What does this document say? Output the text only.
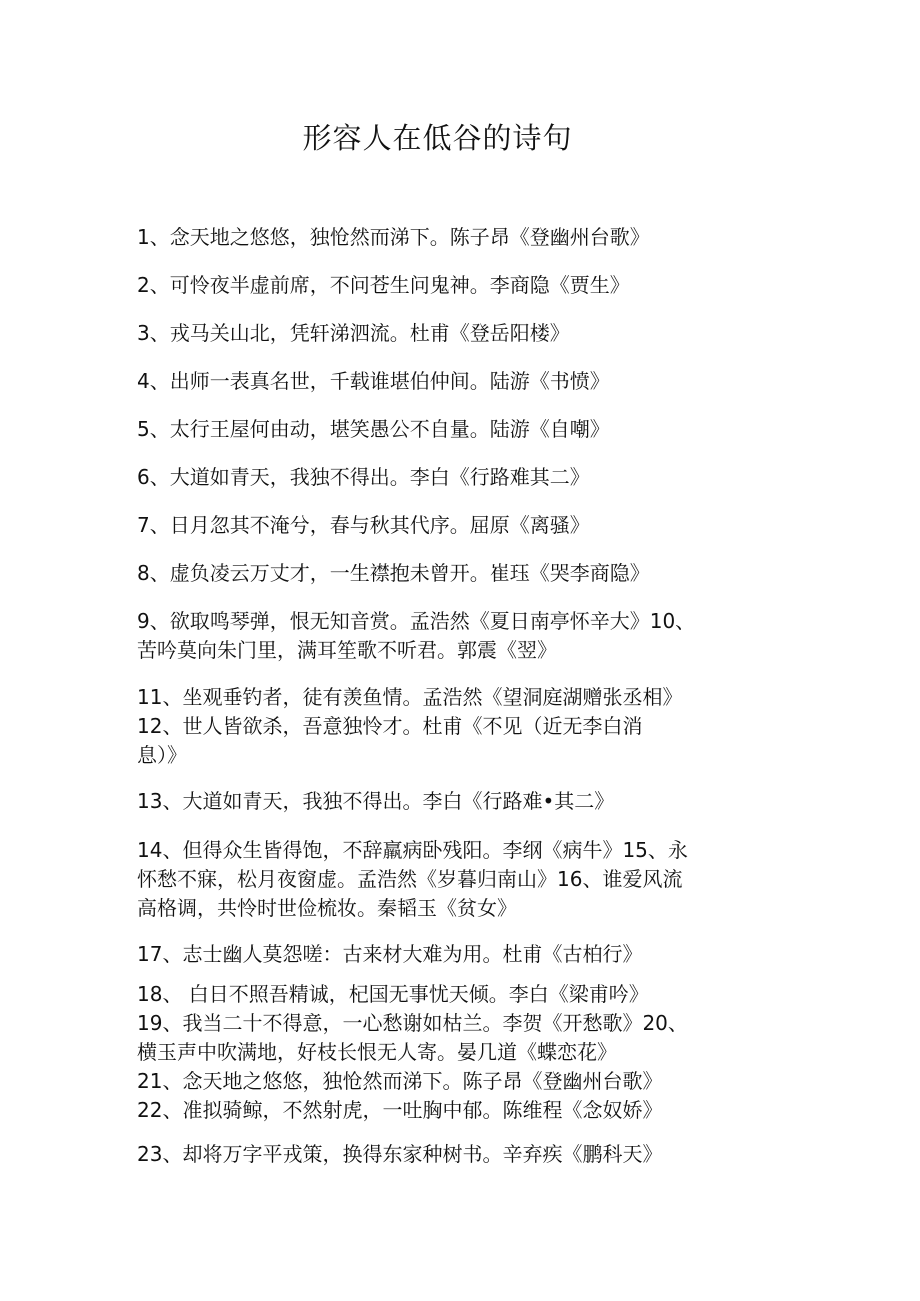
形容人在低谷的诗句
1、念天地之悠悠，独怆然而涕下。陈子昂《登幽州台歌》
2、可怜夜半虚前席，不问苍生问鬼神。李商隐《贾生》
3、戎马关山北，凭轩涕泗流。杜甫《登岳阳楼》
4、出师一表真名世，千载谁堪伯仲间。陆游《书愤》
5、太行王屋何由动，堪笑愚公不自量。陆游《自嘲》
6、大道如青天，我独不得出。李白《行路难其二》
7、日月忽其不淹兮，春与秋其代序。屈原《离骚》
8、虚负凌云万丈才，一生襟抱未曾开。崔珏《哭李商隐》
9、欲取鸣琴弹，恨无知音赏。孟浩然《夏日南亭怀辛大》10、
苦吟莫向朱门里，满耳笙歌不听君。郭震《翌》
11、坐观垂钓者，徒有羡鱼情。孟浩然《望洞庭湖赠张丞相》
12、世人皆欲杀，吾意独怜才。杜甫《不见（近无李白消
息）》
13、大道如青天，我独不得出。李白《行路难•其二》
14、但得众生皆得饱，不辞羸病卧残阳。李纲《病牛》15、永
怀愁不寐，松月夜窗虚。孟浩然《岁暮归南山》16、谁爱风流
高格调，共怜时世俭梳妆。秦韬玉《贫女》
17、志士幽人莫怨嗟：古来材大难为用。杜甫《古柏行》
18、 白日不照吾精诚，杞国无事忧天倾。李白《梁甫吟》
19、我当二十不得意，一心愁谢如枯兰。李贺《开愁歌》20、
横玉声中吹满地，好枝长恨无人寄。晏几道《蝶恋花》
21、念天地之悠悠，独怆然而涕下。陈子昂《登幽州台歌》
22、准拟骑鲸，不然射虎，一吐胸中郁。陈维程《念奴娇》
23、却将万字平戎策，换得东家种树书。辛弃疾《鹏科天》
